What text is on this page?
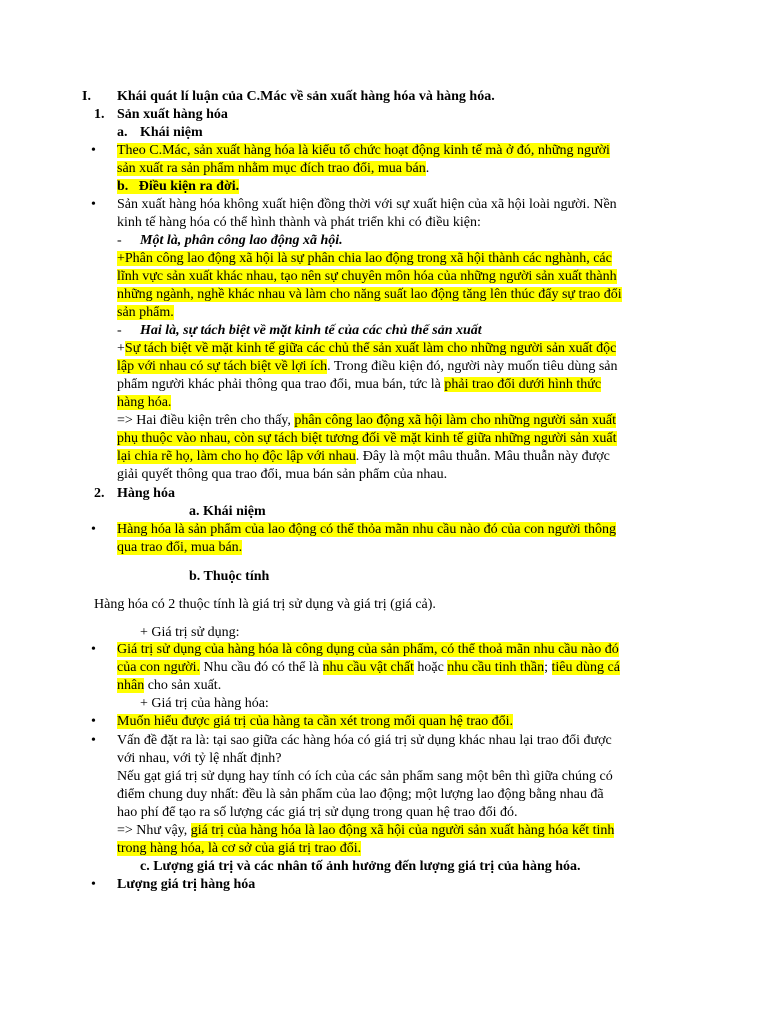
I. Khái quát lí luận của C.Mác về sản xuất hàng hóa và hàng hóa.
1. Sản xuất hàng hóa
a. Khái niệm
• Theo C.Mác, sản xuất hàng hóa là kiểu tổ chức hoạt động kinh tế mà ở đó, những người
sản xuất ra sản phẩm nhằm mục đích trao đổi, mua bán.
b. Điều kiện ra đời.
• Sản xuất hàng hóa không xuất hiện đồng thời với sự xuất hiện của xã hội loài người. Nền
kinh tế hàng hóa có thể hình thành và phát triển khi có điều kiện:
- Một là, phân công lao động xã hội.
+Phân công lao động xã hội là sự phân chia lao động trong xã hội thành các nghành, các
lĩnh vực sản xuất khác nhau, tạo nên sự chuyên môn hóa của những người sản xuất thành
những ngành, nghề khác nhau và làm cho năng suất lao động tăng lên thúc đẩy sự trao đổi
sản phẩm.
- Hai là, sự tách biệt về mặt kinh tế của các chủ thể sản xuất
+Sự tách biệt về mặt kinh tế giữa các chủ thể sản xuất làm cho những người sản xuất độc
lập với nhau có sự tách biệt về lợi ích. Trong điều kiện đó, người này muốn tiêu dùng sản
phẩm người khác phải thông qua trao đổi, mua bán, tức là phải trao đổi dưới hình thức
hàng hóa.
=> Hai điều kiện trên cho thấy, phân công lao động xã hội làm cho những người sản xuất
phụ thuộc vào nhau, còn sự tách biệt tương đối về mặt kinh tế giữa những người sản xuất
lại chia rẽ họ, làm cho họ độc lập với nhau. Đây là một mâu thuẫn. Mâu thuẫn này được
giải quyết thông qua trao đổi, mua bán sản phẩm của nhau.
2. Hàng hóa
a. Khái niệm
• Hàng hóa là sản phẩm của lao động có thể thỏa mãn nhu cầu nào đó của con người thông
qua trao đổi, mua bán.
b. Thuộc tính
Hàng hóa có 2 thuộc tính là giá trị sử dụng và giá trị (giá cả).
+ Giá trị sử dụng:
• Giá trị sử dụng của hàng hóa là công dụng của sản phẩm, có thể thoả mãn nhu cầu nào đó
của con người. Nhu cầu đó có thể là nhu cầu vật chất hoặc nhu cầu tinh thần; tiêu dùng cá
nhân cho sản xuất.
+ Giá trị của hàng hóa:
• Muốn hiểu được giá trị của hàng ta cần xét trong mối quan hệ trao đổi.
• Vấn đề đặt ra là: tại sao giữa các hàng hóa có giá trị sử dụng khác nhau lại trao đổi được
với nhau, với tỷ lệ nhất định?
Nếu gạt giá trị sử dụng hay tính có ích của các sản phẩm sang một bên thì giữa chúng có
điểm chung duy nhất: đều là sản phẩm của lao động; một lượng lao động bằng nhau đã
hao phí để tạo ra số lượng các giá trị sử dụng trong quan hệ trao đổi đó.
=> Như vậy, giá trị của hàng hóa là lao động xã hội của người sản xuất hàng hóa kết tinh
trong hàng hóa, là cơ sở của giá trị trao đổi.
c. Lượng giá trị và các nhân tố ảnh hưởng đến lượng giá trị của hàng hóa.
• Lượng giá trị hàng hóa
